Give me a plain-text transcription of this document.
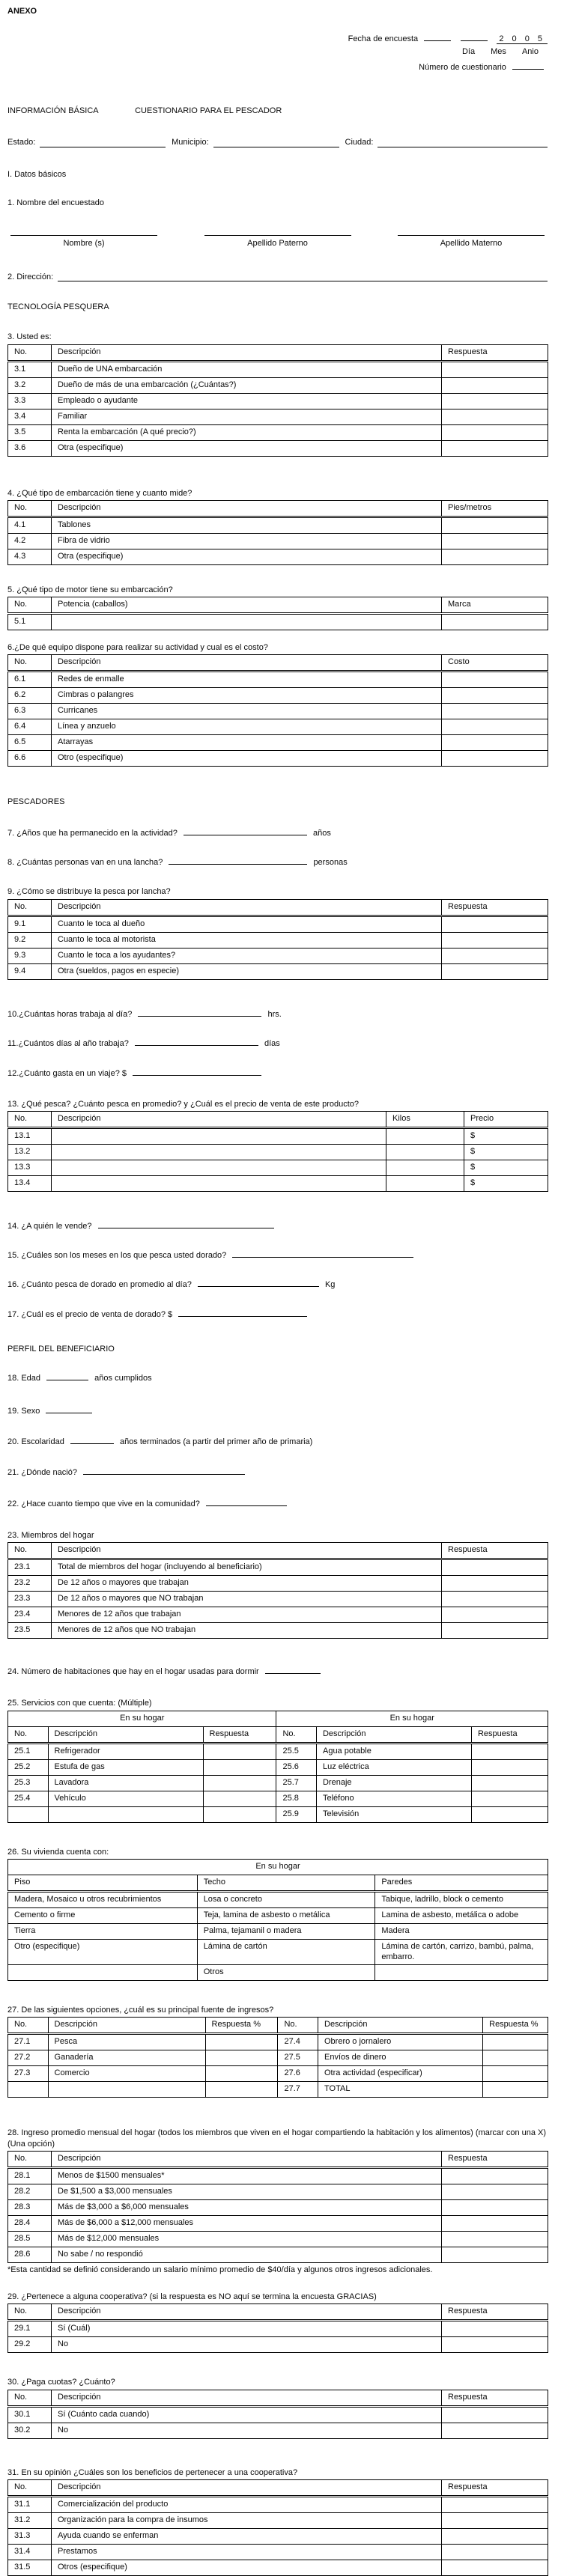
ANEXO
Fecha de encuesta	2 0 0 5
Día Mes Anio
Número de cuestionario
INFORMACIÓN BÁSICA	CUESTIONARIO PARA EL PESCADOR
Estado:	Municipio:	Ciudad:
I. Datos básicos
1. Nombre del encuestado
Nombre (s)	Apellido Paterno	Apellido Materno
2. Dirección:
TECNOLOGÍA PESQUERA
3. Usted es:
No.	Descripción	Respuesta
3.1	Dueño de UNA embarcación	
3.2	Dueño de más de una embarcación (¿Cuántas?)	
3.3	Empleado o ayudante	
3.4	Familiar	
3.5	Renta la embarcación (A qué precio?)	
3.6	Otra (especifique)	
4. ¿Qué tipo de embarcación tiene y cuanto mide?
No.	Descripción	Pies/metros
4.1	Tablones	
4.2	Fibra de vidrio	
4.3	Otra (especifique)	
5. ¿Qué tipo de motor tiene su embarcación?
No.	Potencia (caballos)	Marca
5.1		
6.¿De qué equipo dispone para realizar su actividad y cual es el costo?
No.	Descripción	Costo
6.1	Redes de enmalle	
6.2	Cimbras o palangres	
6.3	Curricanes	
6.4	Línea y anzuelo	
6.5	Atarrayas	
6.6	Otro (especifique)	
PESCADORES
7. ¿Años que ha permanecido en la actividad?	años
8. ¿Cuántas personas van en una lancha?	personas
9. ¿Cómo se distribuye la pesca por lancha?
No.	Descripción	Respuesta
9.1	Cuanto le toca al dueño	
9.2	Cuanto le toca al motorista	
9.3	Cuanto le toca a los ayudantes?	
9.4	Otra (sueldos, pagos en especie)	
10.¿Cuántas horas trabaja al día?	hrs.
11.¿Cuántos días al año trabaja?	días
12.¿Cuánto gasta en un viaje? $
13. ¿Qué pesca? ¿Cuánto pesca en promedio? y ¿Cuál es el precio de venta de este producto?
No.	Descripción	Kilos	Precio
13.1			$
13.2			$
13.3			$
13.4			$
14. ¿A quién le vende?
15. ¿Cuáles son los meses en los que pesca usted dorado?
16. ¿Cuánto pesca de dorado en promedio al día?	Kg
17. ¿Cuál es el precio de venta de dorado? $
PERFIL DEL BENEFICIARIO
18. Edad	años cumplidos
19. Sexo
20. Escolaridad	años terminados (a partir del primer año de primaria)
21. ¿Dónde nació?
22. ¿Hace cuanto tiempo que vive en la comunidad?
23. Miembros del hogar
No.	Descripción	Respuesta
23.1	Total de miembros del hogar (incluyendo al beneficiario)	
23.2	De 12 años o mayores que trabajan	
23.3	De 12 años o mayores que NO trabajan	
23.4	Menores de 12 años que trabajan	
23.5	Menores de 12 años que NO trabajan	
24. Número de habitaciones que hay en el hogar usadas para dormir
25. Servicios con que cuenta: (Múltiple)
En su hogar			En su hogar		
No.	Descripción	Respuesta	No.	Descripción	Respuesta
25.1	Refrigerador		25.5	Agua potable	
25.2	Estufa de gas		25.6	Luz eléctrica	
25.3	Lavadora		25.7	Drenaje	
25.4	Vehículo		25.8	Teléfono	
			25.9	Televisión	
26. Su vivienda cuenta con:
En su hogar		
Piso	Techo	Paredes
Madera, Mosaico u otros recubrimientos	Losa o concreto	Tabique, ladrillo, block o cemento
Cemento o firme	Teja, lamina de asbesto o metálica	Lamina de asbesto, metálica o adobe
Tierra	Palma, tejamanil o madera	Madera
Otro (especifique)	Lámina de cartón	Lámina de cartón, carrizo, bambú, palma, embarro.
	Otros	
27. De las siguientes opciones, ¿cuál es su principal fuente de ingresos?
No.	Descripción	Respuesta %	No.	Descripción	Respuesta %
27.1	Pesca		27.4	Obrero o jornalero	
27.2	Ganadería		27.5	Envíos de dinero	
27.3	Comercio		27.6	Otra actividad (especificar)	
			27.7	TOTAL	
28. Ingreso promedio mensual del hogar (todos los miembros que viven en el hogar compartiendo la habitación y los alimentos) (marcar con una X) (Una opción)
No.	Descripción	Respuesta
28.1	Menos de $1500 mensuales*	
28.2	De $1,500 a $3,000 mensuales	
28.3	Más de $3,000 a $6,000 mensuales	
28.4	Más de $6,000 a $12,000 mensuales	
28.5	Más de $12,000 mensuales	
28.6	No sabe / no respondió	
*Esta cantidad se definió considerando un salario mínimo promedio de $40/día y algunos otros ingresos adicionales.
29. ¿Pertenece a alguna cooperativa? (si la respuesta es NO aquí se termina la encuesta GRACIAS)
No.	Descripción	Respuesta
29.1	Sí (Cuál)	
29.2	No	
30. ¿Paga cuotas? ¿Cuánto?
No.	Descripción	Respuesta
30.1	Sí (Cuánto cada cuando)	
30.2	No	
31. En su opinión ¿Cuáles son los beneficios de pertenecer a una cooperativa?
No.	Descripción	Respuesta
31.1	Comercialización del producto	
31.2	Organización para la compra de insumos	
31.3	Ayuda cuando se enferman	
31.4	Prestamos	
31.5	Otros (especifique)	
